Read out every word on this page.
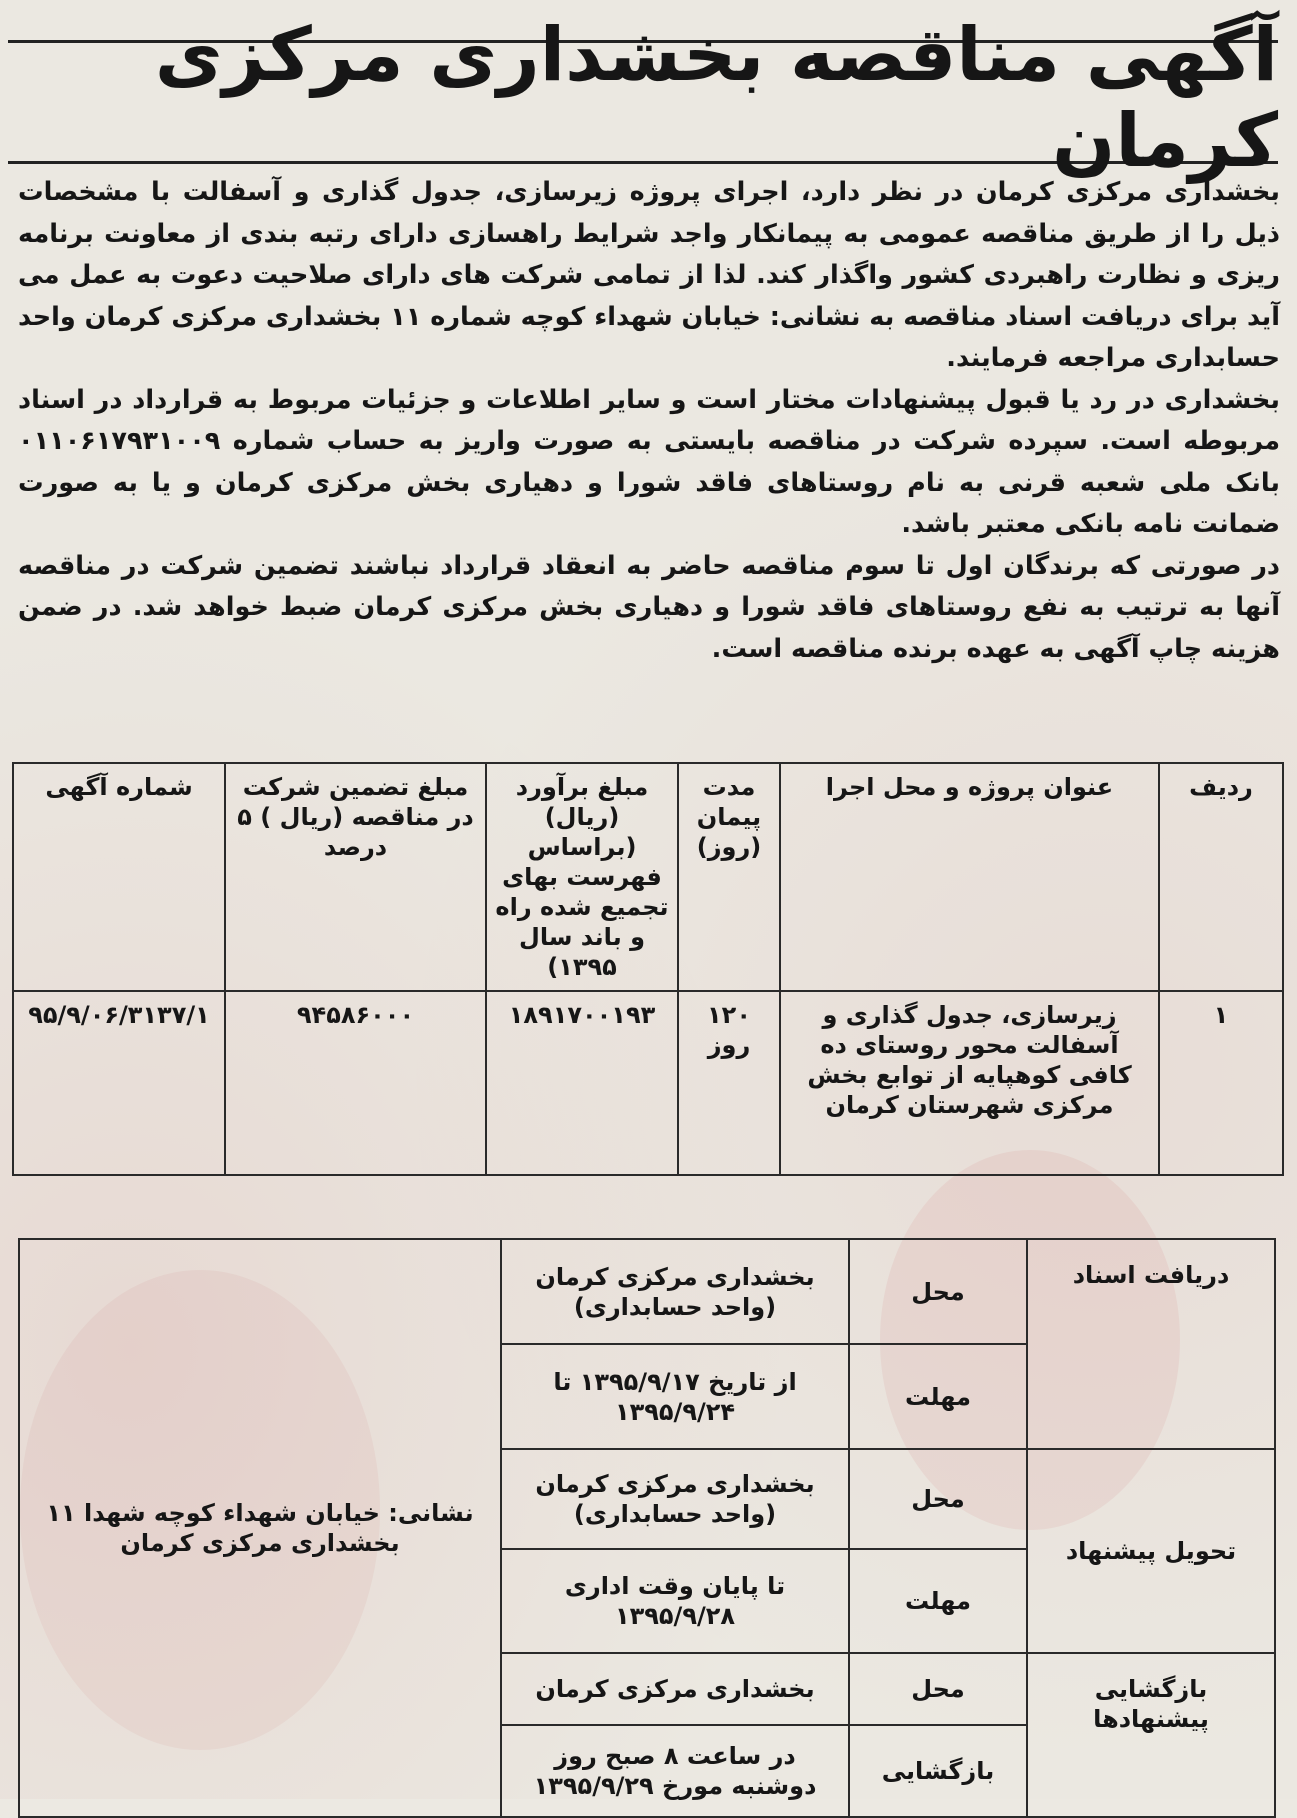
آگهی مناقصه بخشداری مرکزی کرمان

بخشداری مرکزی کرمان در نظر دارد، اجرای پروژه زیرسازی، جدول گذاری و آسفالت با مشخصات ذیل را از طریق مناقصه عمومی به پیمانکار واجد شرایط راهسازی دارای رتبه بندی از معاونت برنامه ریزی و نظارت راهبردی کشور واگذار کند. لذا از تمامی شرکت های دارای صلاحیت دعوت به عمل می آید برای دریافت اسناد مناقصه به نشانی: خیابان شهداء کوچه شماره ۱۱ بخشداری مرکزی کرمان واحد حسابداری مراجعه فرمایند.

بخشداری در رد یا قبول پیشنهادات مختار است و سایر اطلاعات و جزئیات مربوط به قرارداد در اسناد مربوطه است. سپرده شرکت در مناقصه بایستی به صورت واریز به حساب شماره ۰۱۱۰۶۱۷۹۳۱۰۰۹ بانک ملی شعبه قرنی به نام روستاهای فاقد شورا و دهیاری بخش مرکزی کرمان و یا به صورت ضمانت نامه بانکی معتبر باشد.

در صورتی که برندگان اول تا سوم مناقصه حاضر به انعقاد قرارداد نباشند تضمین شرکت در مناقصه آنها به ترتیب به نفع روستاهای فاقد شورا و دهیاری بخش مرکزی کرمان ضبط خواهد شد. در ضمن هزینه چاپ آگهی به عهده برنده مناقصه است.

ردیف	عنوان پروژه و محل اجرا	مدت پیمان (روز)	مبلغ برآورد (ریال) (براساس فهرست بهای تجمیع شده راه و باند سال ۱۳۹۵)	مبلغ تضمین شرکت در مناقصه (ریال ) ۵ درصد	شماره آگهی
۱	زیرسازی، جدول گذاری و آسفالت محور روستای ده کافی کوهپایه از توابع بخش مرکزی شهرستان کرمان	۱۲۰ روز	۱۸۹۱۷۰۰۱۹۳	۹۴۵۸۶۰۰۰	۹۵/۹/۰۶/۳۱۳۷/۱
دریافت اسناد	محل	بخشداری مرکزی کرمان (واحد حسابداری)	نشانی: خیابان شهداء کوچه شهدا ۱۱ بخشداری مرکزی کرمان
	مهلت	از تاریخ ۱۳۹۵/۹/۱۷ تا ۱۳۹۵/۹/۲۴	
تحویل پیشنهاد	محل	بخشداری مرکزی کرمان (واحد حسابداری)	
	مهلت	تا پایان وقت اداری ۱۳۹۵/۹/۲۸	
بازگشایی پیشنهادها	محل	بخشداری مرکزی کرمان	
	بازگشایی	در ساعت ۸ صبح روز دوشنبه مورخ ۱۳۹۵/۹/۲۹	
